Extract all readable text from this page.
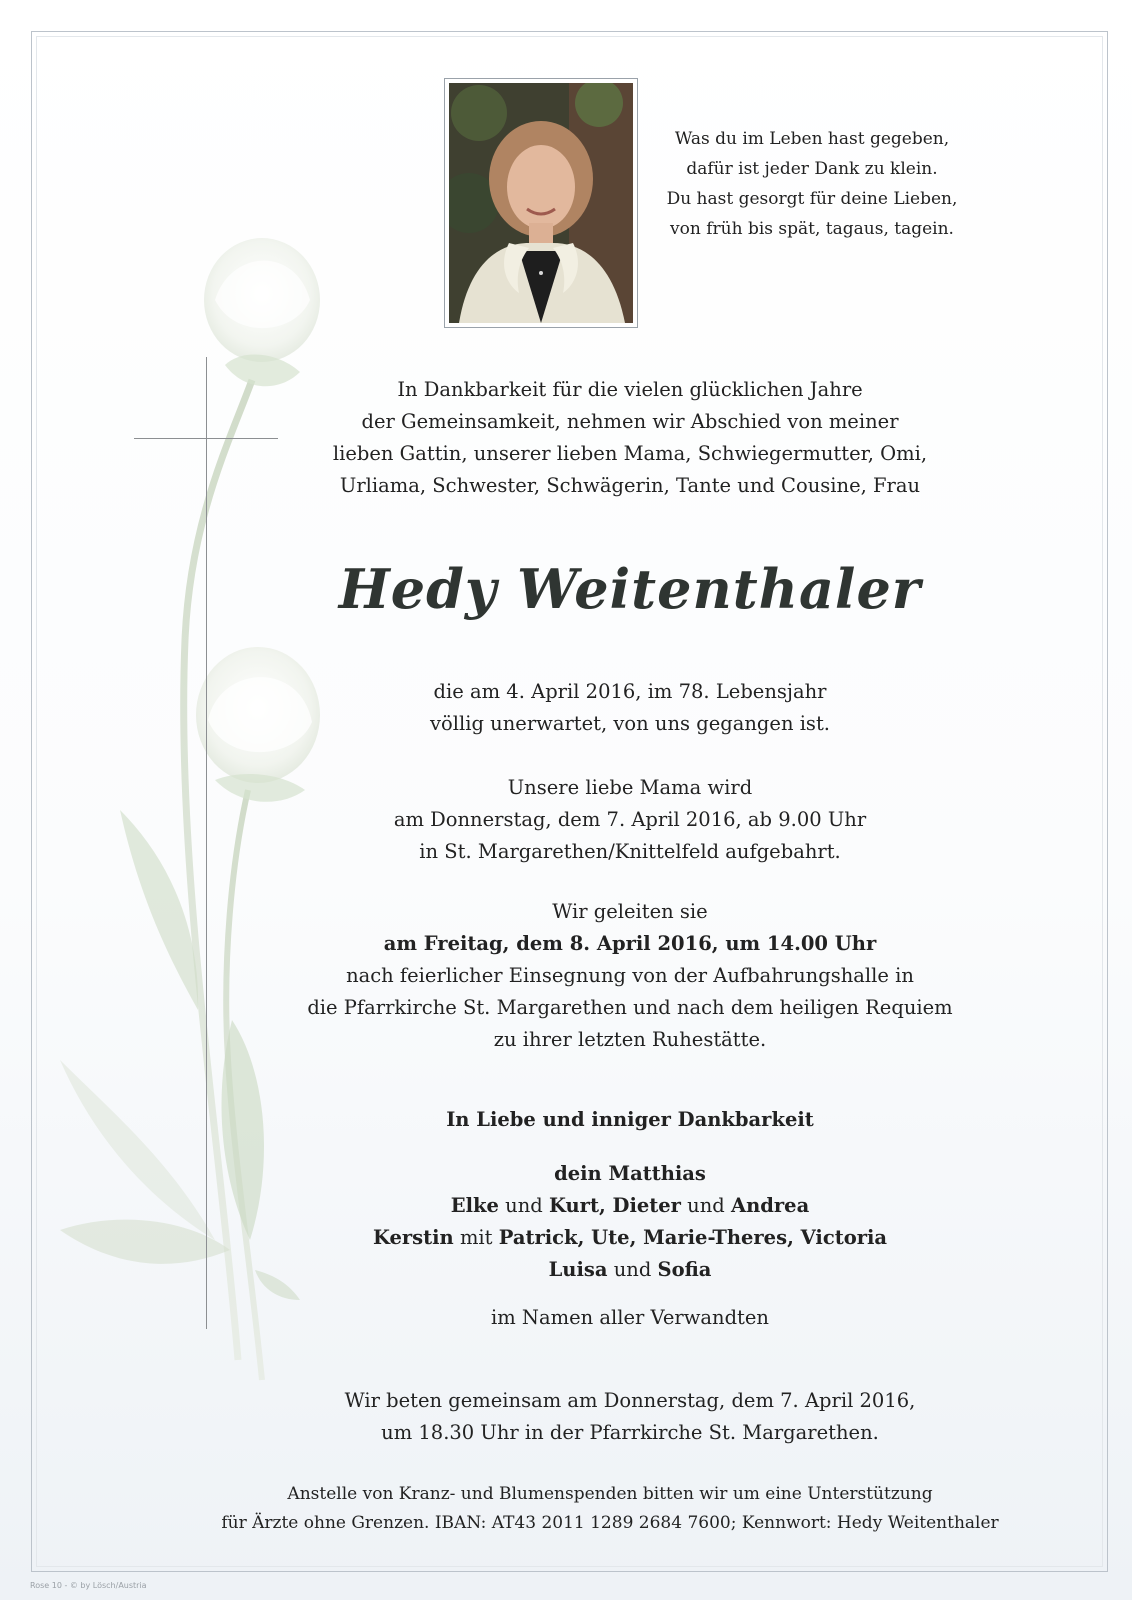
Was du im Leben hast gegeben,
dafür ist jeder Dank zu klein.
Du hast gesorgt für deine Lieben,
von früh bis spät, tagaus, tagein.
In Dankbarkeit für die vielen glücklichen Jahre
der Gemeinsamkeit, nehmen wir Abschied von meiner
lieben Gattin, unserer lieben Mama, Schwiegermutter, Omi,
Urliama, Schwester, Schwägerin, Tante und Cousine, Frau
Hedy Weitenthaler
die am 4. April 2016, im 78. Lebensjahr
völlig unerwartet, von uns gegangen ist.
Unsere liebe Mama wird
am Donnerstag, dem 7. April 2016, ab 9.00 Uhr
in St. Margarethen/Knittelfeld aufgebahrt.
Wir geleiten sie
am Freitag, dem 8. April 2016, um 14.00 Uhr
nach feierlicher Einsegnung von der Aufbahrungshalle in
die Pfarrkirche St. Margarethen und nach dem heiligen Requiem
zu ihrer letzten Ruhestätte.
In Liebe und inniger Dankbarkeit
dein Matthias
Elke und Kurt, Dieter und Andrea
Kerstin mit Patrick, Ute, Marie-Theres, Victoria
Luisa und Sofia
im Namen aller Verwandten
Wir beten gemeinsam am Donnerstag, dem 7. April 2016,
um 18.30 Uhr in der Pfarrkirche St. Margarethen.
Anstelle von Kranz- und Blumenspenden bitten wir um eine Unterstützung
für Ärzte ohne Grenzen. IBAN: AT43 2011 1289 2684 7600; Kennwort: Hedy Weitenthaler
Rose 10 - © by Lösch/Austria
